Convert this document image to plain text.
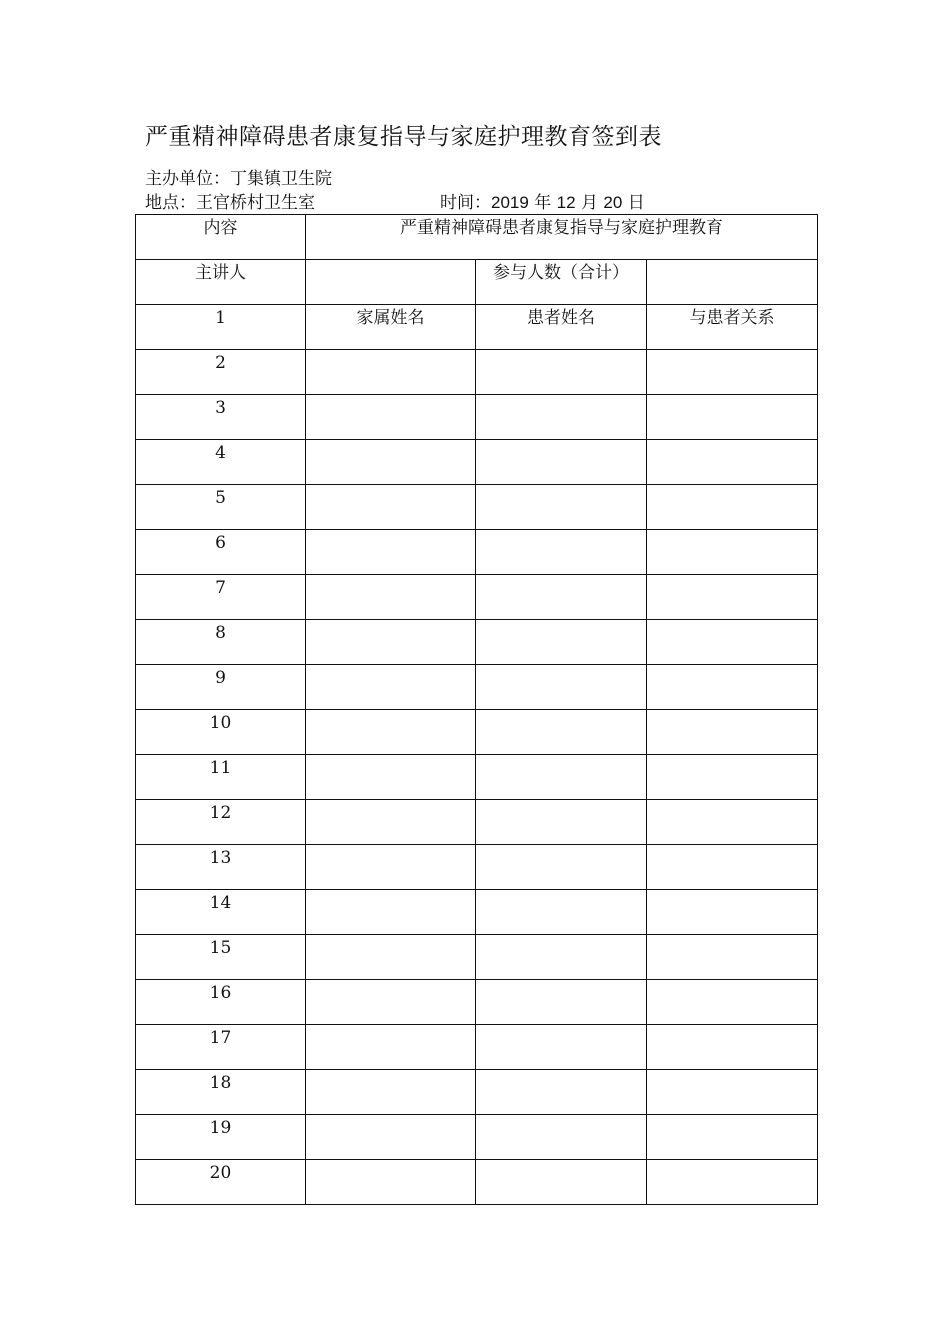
严重精神障碍患者康复指导与家庭护理教育签到表
主办单位：丁集镇卫生院
地点：王官桥村卫生室	时间：2019 年 12 月 20 日
内容	严重精神障碍患者康复指导与家庭护理教育		

主讲人		参与人数（合计）	

1	家属姓名	患者姓名	与患者关系

2			

3			

4			

5			

6			

7			

8			

9			

10			

11			

12			

13			

14			

15			

16			

17			

18			

19			

20			
